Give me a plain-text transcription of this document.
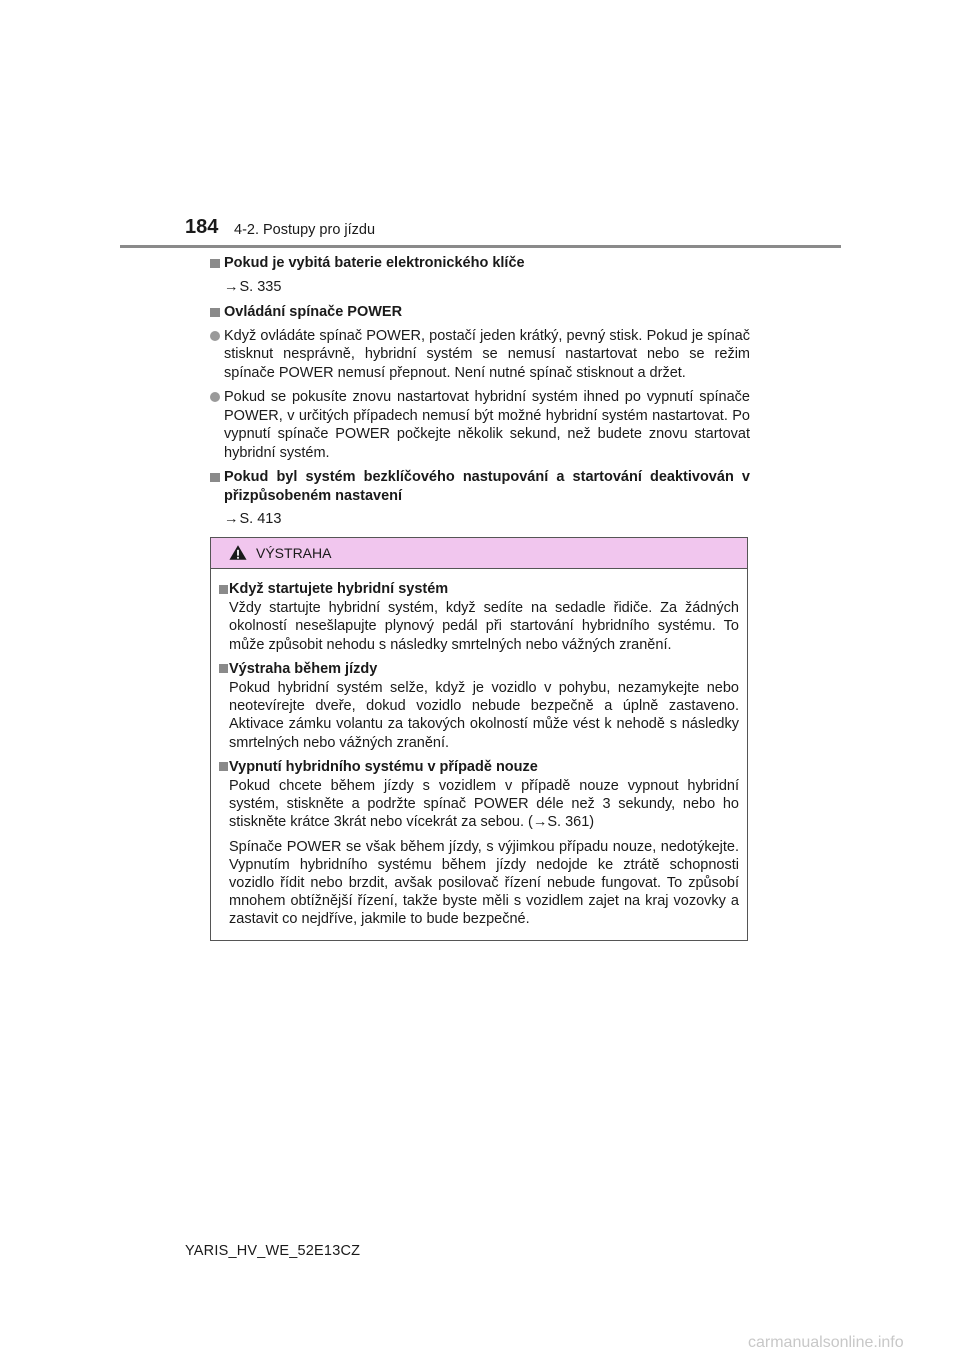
184 4-2. Postupy pro jízdu
Pokud je vybitá baterie elektronického klíče
→S. 335
Ovládání spínače POWER
Když ovládáte spínač POWER, postačí jeden krátký, pevný stisk. Pokud je spínač stisknut nesprávně, hybridní systém se nemusí nastartovat nebo se režim spínače POWER nemusí přepnout. Není nutné spínač stisknout a držet.
Pokud se pokusíte znovu nastartovat hybridní systém ihned po vypnutí spínače POWER, v určitých případech nemusí být možné hybridní systém nastartovat. Po vypnutí spínače POWER počkejte několik sekund, než budete znovu startovat hybridní systém.
Pokud byl systém bezklíčového nastupování a startování deaktivován v přizpůsobeném nastavení
→S. 413
VÝSTRAHA
Když startujete hybridní systém
Vždy startujte hybridní systém, když sedíte na sedadle řidiče. Za žádných okolností nesešlapujte plynový pedál při startování hybridního systému. To může způsobit nehodu s následky smrtelných nebo vážných zranění.
Výstraha během jízdy
Pokud hybridní systém selže, když je vozidlo v pohybu, nezamykejte nebo neotevírejte dveře, dokud vozidlo nebude bezpečně a úplně zastaveno. Aktivace zámku volantu za takových okolností může vést k nehodě s následky smrtelných nebo vážných zranění.
Vypnutí hybridního systému v případě nouze
Pokud chcete během jízdy s vozidlem v případě nouze vypnout hybridní systém, stiskněte a podržte spínač POWER déle než 3 sekundy, nebo ho stiskněte krátce 3krát nebo vícekrát za sebou. (→S. 361)
Spínače POWER se však během jízdy, s výjimkou případu nouze, nedotýkejte. Vypnutím hybridního systému během jízdy nedojde ke ztrátě schopnosti vozidlo řídit nebo brzdit, avšak posilovač řízení nebude fungovat. To způsobí mnohem obtížnější řízení, takže byste měli s vozidlem zajet na kraj vozovky a zastavit co nejdříve, jakmile to bude bezpečné.
YARIS_HV_WE_52E13CZ
carmanualsonline.info
